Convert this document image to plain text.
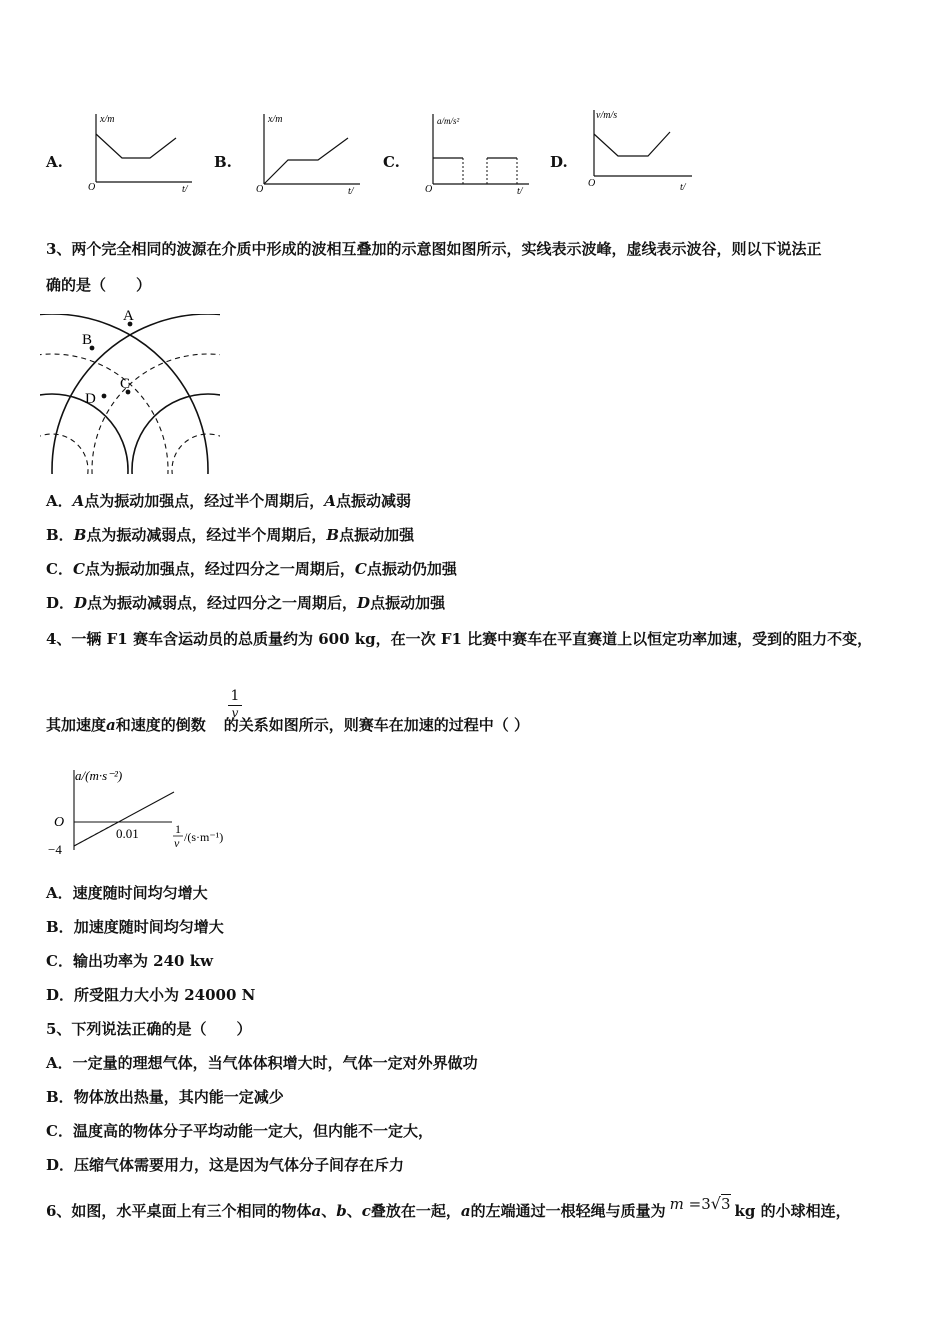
A.
x/m
O	t/
B.
x/m
O	t/
C.
a/m/s²
O	t/
D.
v/m/s
O	t/
3、两个完全相同的波源在介质中形成的波相互叠加的示意图如图所示，实线表示波峰，虚线表示波谷，则以下说法正
确的是（　　）
A
B
C
D
A．A点为振动加强点，经过半个周期后，A点振动减弱
B．B点为振动减弱点，经过半个周期后，B点振动加强
C．C点为振动加强点，经过四分之一周期后，C点振动仍加强
D．D点为振动减弱点，经过四分之一周期后，D点振动加强
4、一辆 F1 赛车含运动员的总质量约为 600 kg，在一次 F1 比赛中赛车在平直赛道上以恒定功率加速，受到的阻力不变，
其加速度a和速度的倒数 的关系如图所示，则赛车在加速的过程中（ ）
1
v
a/(m·s⁻²)
O
−4
0.01	1
v /(s·m⁻¹)
A．速度随时间均匀增大
B．加速度随时间均匀增大
C．输出功率为 240 kw
D．所受阻力大小为 24000 N
5、下列说法正确的是（　　）
A．一定量的理想气体，当气体体积增大时，气体一定对外界做功
B．物体放出热量，其内能一定减少
C．温度高的物体分子平均动能一定大，但内能不一定大，
D．压缩气体需要用力，这是因为气体分子间存在斥力
6、如图，水平桌面上有三个相同的物体a、b、c叠放在一起，a的左端通过一根轻绳与质量为 m =3√3 kg 的小球相连，
